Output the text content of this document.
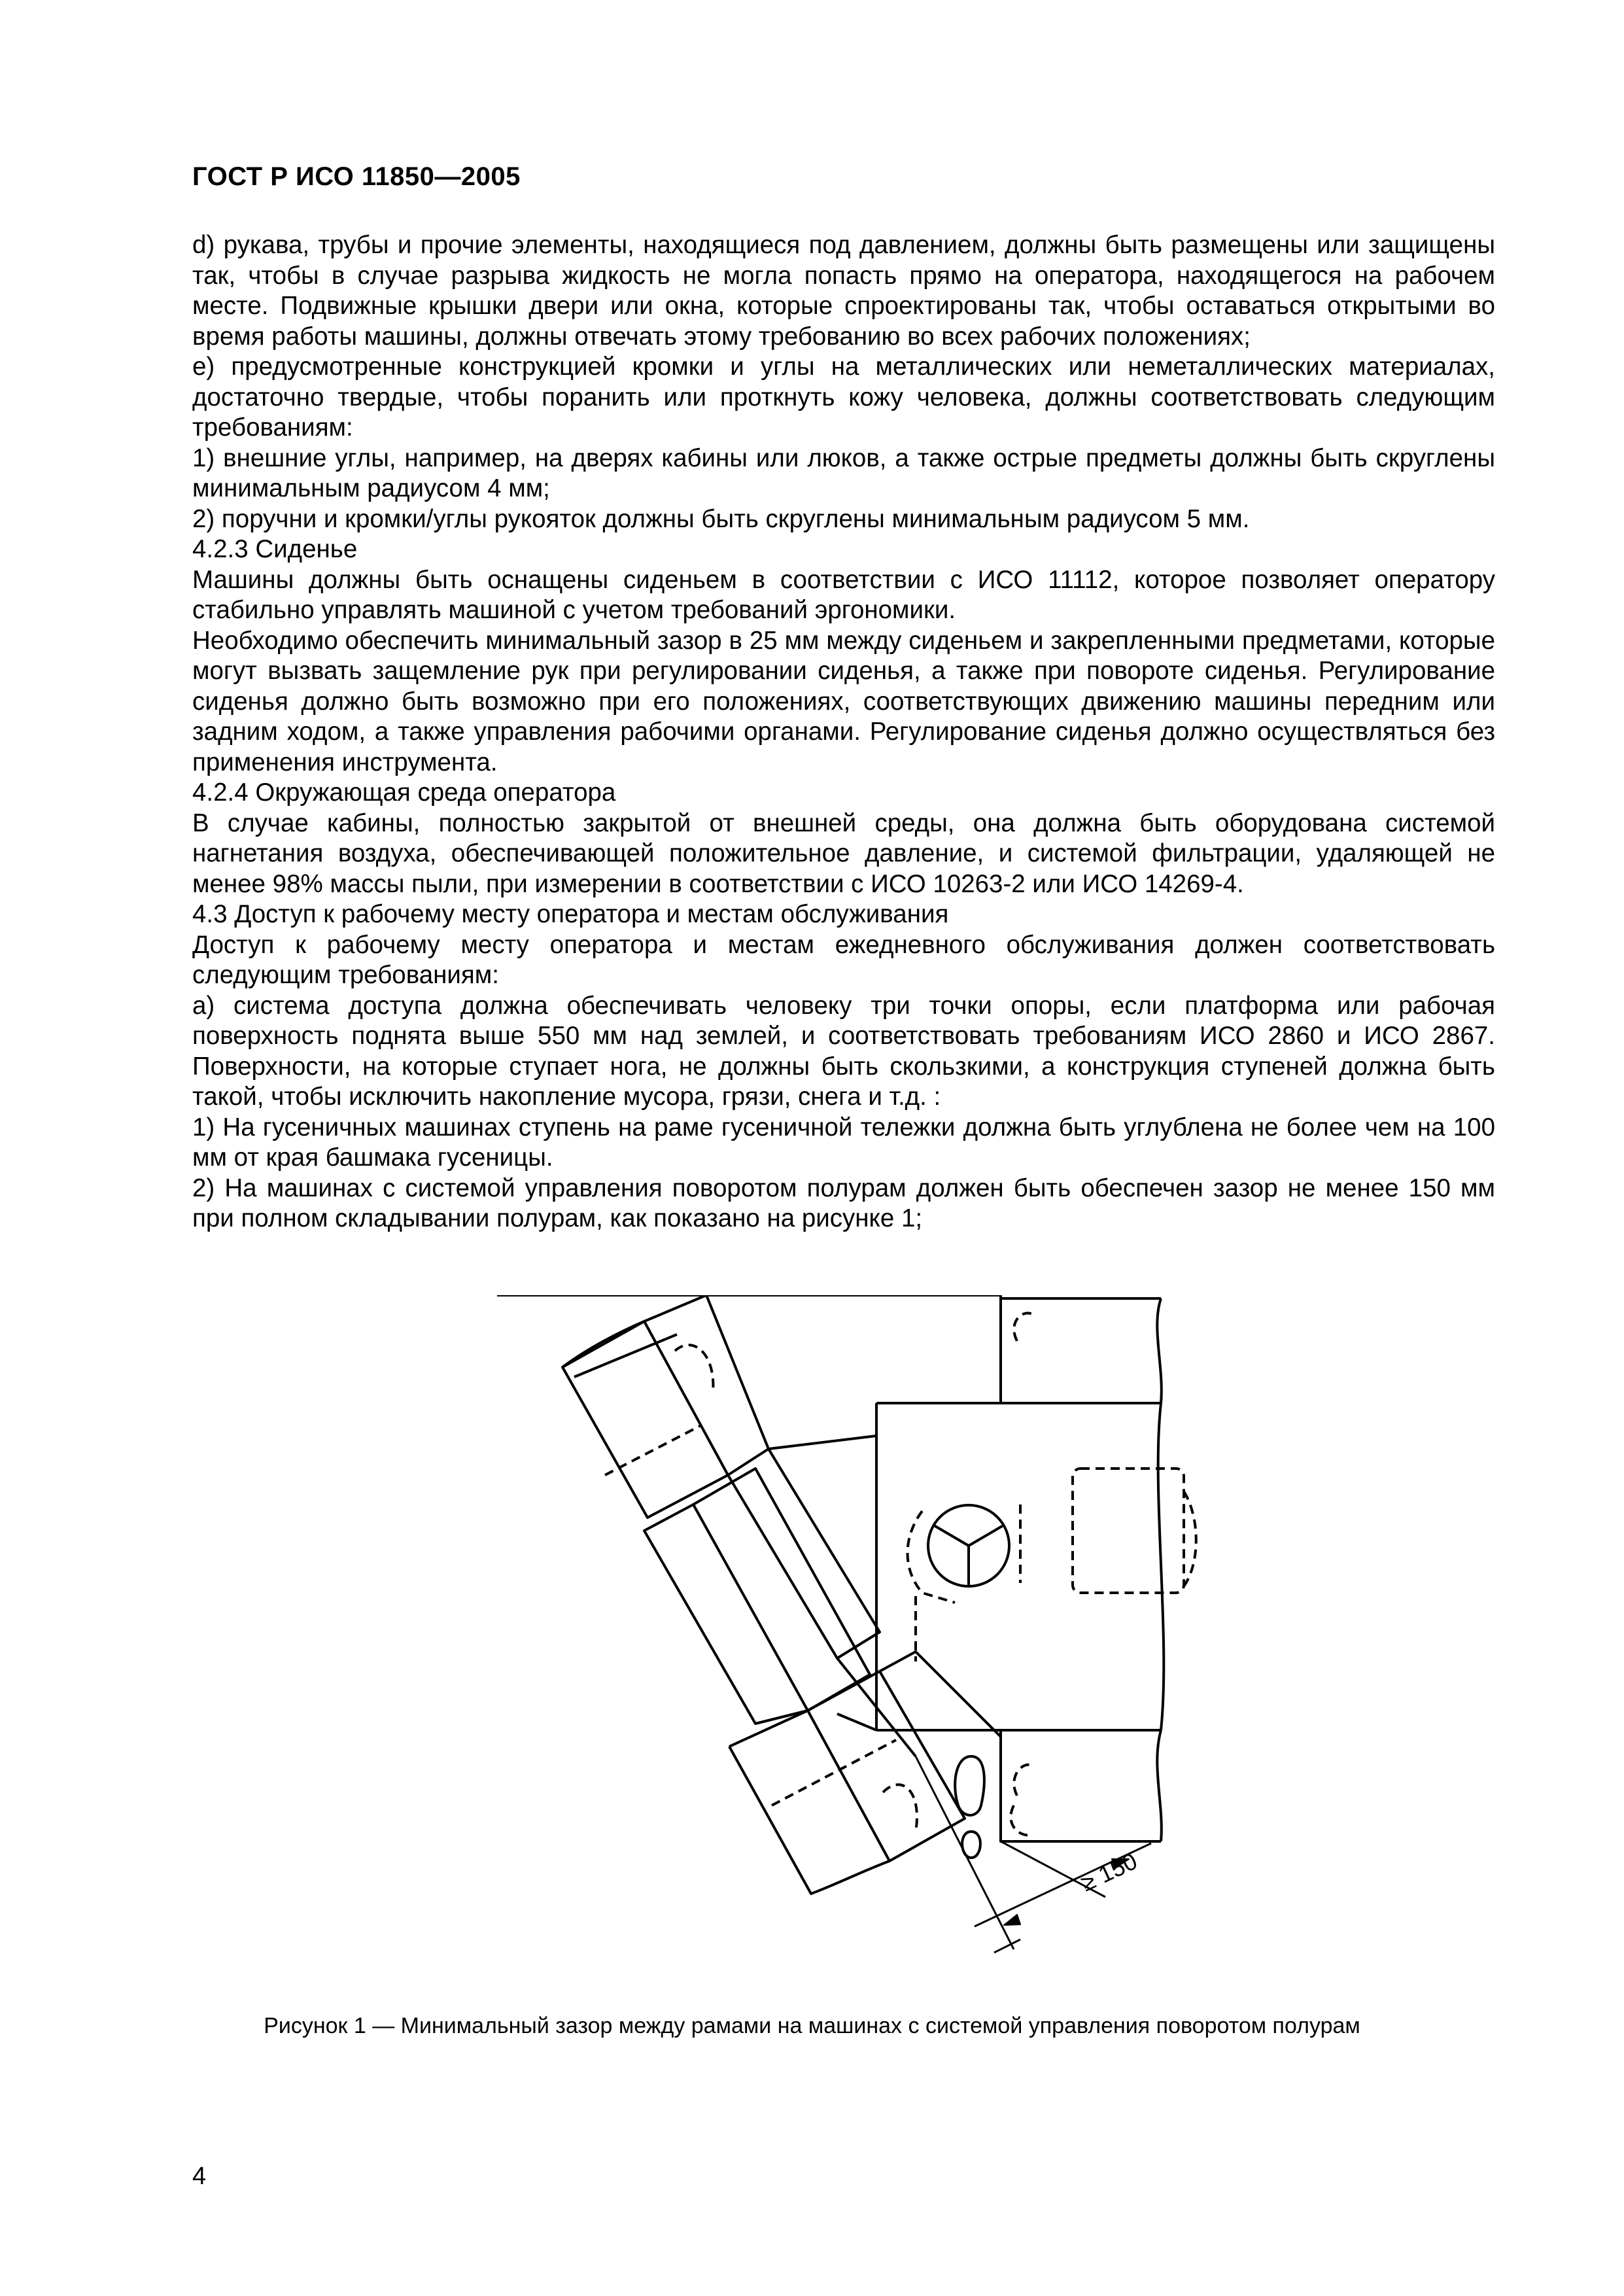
ГОСТ Р ИСО 11850—2005

d) рукава, трубы и прочие элементы, находящиеся под давлением, должны быть размещены или защищены так, чтобы в случае разрыва жидкость не могла попасть прямо на оператора, находящегося на рабочем месте. Подвижные крышки двери или окна, которые спроектированы так, чтобы оставаться открытыми во время работы машины, должны отвечать этому требованию во всех рабочих положениях;

e) предусмотренные конструкцией кромки и углы на металлических или неметаллических материалах, достаточно твердые, чтобы поранить или проткнуть кожу человека, должны соответствовать следующим требованиям:

1) внешние углы, например, на дверях кабины или люков, а также острые предметы должны быть скруглены минимальным радиусом 4 мм;

2) поручни и кромки/углы рукояток должны быть скруглены минимальным радиусом 5 мм.

4.2.3 Сиденье

Машины должны быть оснащены сиденьем в соответствии с ИСО 11112, которое позволяет оператору стабильно управлять машиной с учетом требований эргономики.

Необходимо обеспечить минимальный зазор в 25 мм между сиденьем и закрепленными предметами, которые могут вызвать защемление рук при регулировании сиденья, а также при повороте сиденья. Регулирование сиденья должно быть возможно при его положениях, соответствующих движению машины передним или задним ходом, а также управления рабочими органами. Регулирование сиденья должно осуществляться без применения инструмента.

4.2.4 Окружающая среда оператора

В случае кабины, полностью закрытой от внешней среды, она должна быть оборудована системой нагнетания воздуха, обеспечивающей положительное давление, и системой фильтрации, удаляющей не менее 98% массы пыли, при измерении в соответствии с ИСО 10263-2 или ИСО 14269-4.

4.3 Доступ к рабочему месту оператора и местам обслуживания

Доступ к рабочему месту оператора и местам ежедневного обслуживания должен соответствовать следующим требованиям:

а) система доступа должна обеспечивать человеку три точки опоры, если платформа или рабочая поверхность поднята выше 550 мм над землей, и соответствовать требованиям ИСО 2860 и ИСО 2867. Поверхности, на которые ступает нога, не должны быть скользкими, а конструкция ступеней должна быть такой, чтобы исключить накопление мусора, грязи, снега и т.д. :

1) На гусеничных машинах ступень на раме гусеничной тележки должна быть углублена не более чем на 100 мм от края башмака гусеницы.

2) На машинах с системой управления поворотом полурам должен быть обеспечен зазор не менее 150 мм при полном складывании полурам, как показано на рисунке 1;

≥ 150
Рисунок 1 — Минимальный зазор между рамами на машинах с системой управления поворотом полурам
4
